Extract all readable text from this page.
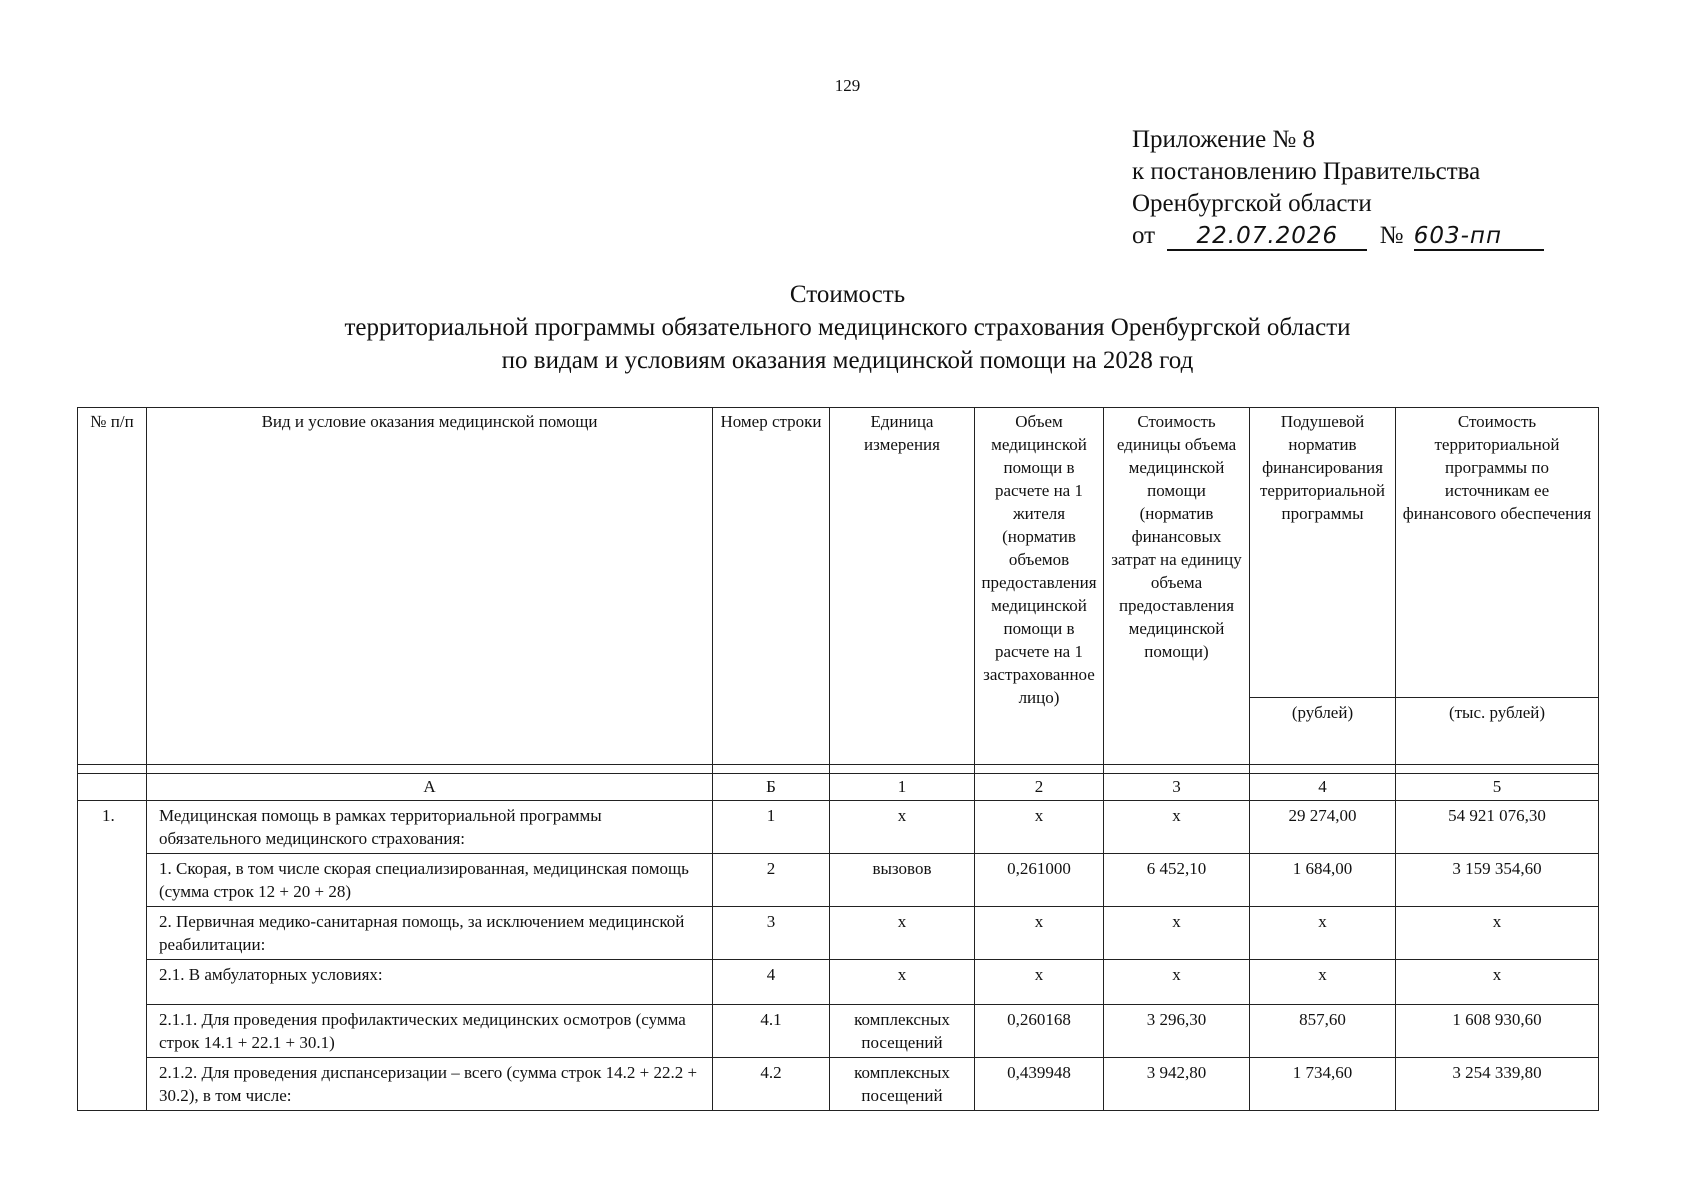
129
Приложение № 8
к постановлению Правительства
Оренбургской области
от 22.07.2026 № 603-пп
Стоимость
территориальной программы обязательного медицинского страхования Оренбургской области
по видам и условиям оказания медицинской помощи на 2028 год
№ п/п	Вид и условие оказания медицинской помощи	Номер строки	Единица измерения	Объем медицинской помощи в расчете на 1 жителя (норматив объемов предоставления медицинской помощи в расчете на 1 застрахованное лицо)	Стоимость единицы объема медицинской помощи (норматив финансовых затрат на единицу объема предоставления медицинской помощи)	Подушевой норматив финансирования территориальной программы	Стоимость территориальной программы по источникам ее финансового обеспечения
						(рублей)	(тыс. рублей)

	А	Б	1	2	3	4	5
1.	Медицинская помощь в рамках территориальной программы обязательного медицинского страхования:	1	х	х	х	29 274,00	54 921 076,30
	1. Скорая, в том числе скорая специализированная, медицинская помощь (сумма строк 12 + 20 + 28)	2	вызовов	0,261000	6 452,10	1 684,00	3 159 354,60
	2. Первичная медико-санитарная помощь, за исключением медицинской реабилитации:	3	х	х	х	х	х
	2.1. В амбулаторных условиях:	4	х	х	х	х	х
	2.1.1. Для проведения профилактических медицинских осмотров (сумма строк 14.1 + 22.1 + 30.1)	4.1	комплексных посещений	0,260168	3 296,30	857,60	1 608 930,60
	2.1.2. Для проведения диспансеризации – всего (сумма строк 14.2 + 22.2 + 30.2), в том числе:	4.2	комплексных посещений	0,439948	3 942,80	1 734,60	3 254 339,80
